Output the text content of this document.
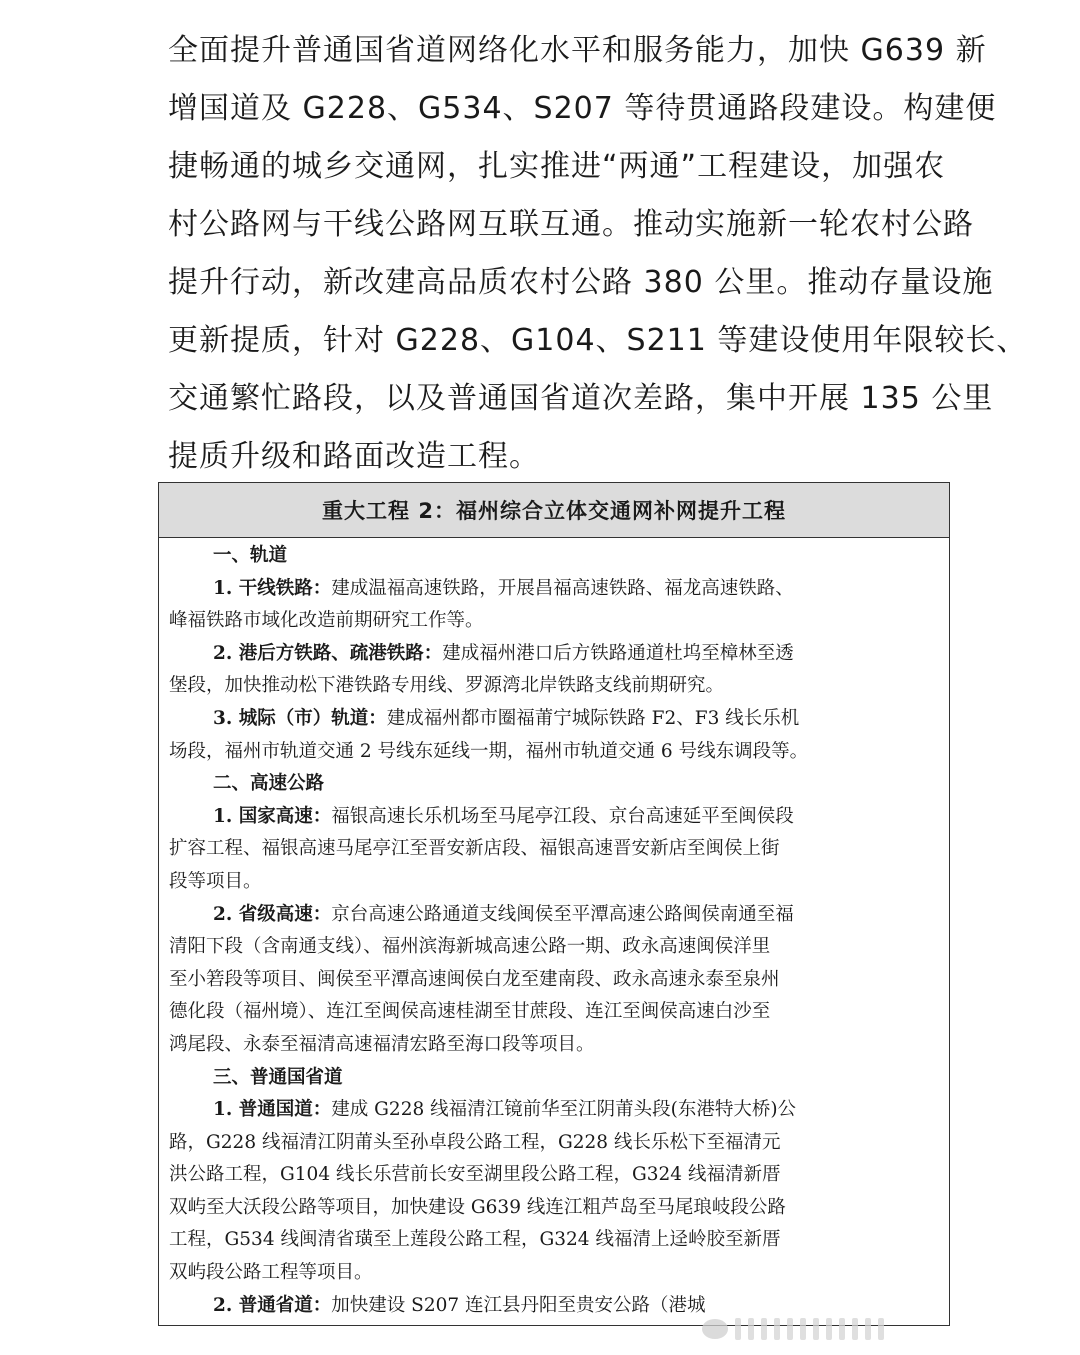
全面提升普通国省道网络化水平和服务能力，加快 G639 新
增国道及 G228、G534、S207 等待贯通路段建设。构建便
捷畅通的城乡交通网，扎实推进“两通”工程建设，加强农
村公路网与干线公路网互联互通。推动实施新一轮农村公路
提升行动，新改建高品质农村公路 380 公里。推动存量设施
更新提质，针对 G228、G104、S211 等建设使用年限较长、
交通繁忙路段，以及普通国省道次差路，集中开展 135 公里
提质升级和路面改造工程。
重大工程 2：福州综合立体交通网补网提升工程
一、轨道
1. 干线铁路：建成温福高速铁路，开展昌福高速铁路、福龙高速铁路、
峰福铁路市域化改造前期研究工作等。
2. 港后方铁路、疏港铁路：建成福州港口后方铁路通道杜坞至樟林至透
堡段，加快推动松下港铁路专用线、罗源湾北岸铁路支线前期研究。
3. 城际（市）轨道：建成福州都市圈福莆宁城际铁路 F2、F3 线长乐机
场段，福州市轨道交通 2 号线东延线一期，福州市轨道交通 6 号线东调段等。
二、高速公路
1. 国家高速：福银高速长乐机场至马尾亭江段、京台高速延平至闽侯段
扩容工程、福银高速马尾亭江至晋安新店段、福银高速晋安新店至闽侯上街
段等项目。
2. 省级高速：京台高速公路通道支线闽侯至平潭高速公路闽侯南通至福
清阳下段（含南通支线）、福州滨海新城高速公路一期、政永高速闽侯洋里
至小箬段等项目、闽侯至平潭高速闽侯白龙至建南段、政永高速永泰至泉州
德化段（福州境）、连江至闽侯高速桂湖至甘蔗段、连江至闽侯高速白沙至
鸿尾段、永泰至福清高速福清宏路至海口段等项目。
三、普通国省道
1. 普通国道：建成 G228 线福清江镜前华至江阴莆头段(东港特大桥)公
路，G228 线福清江阴莆头至孙卓段公路工程，G228 线长乐松下至福清元
洪公路工程，G104 线长乐营前长安至湖里段公路工程，G324 线福清新厝
双屿至大沃段公路等项目，加快建设 G639 线连江粗芦岛至马尾琅岐段公路
工程，G534 线闽清省璜至上莲段公路工程，G324 线福清上迳岭胶至新厝
双屿段公路工程等项目。
2. 普通省道：加快建设 S207 连江县丹阳至贵安公路（港城
